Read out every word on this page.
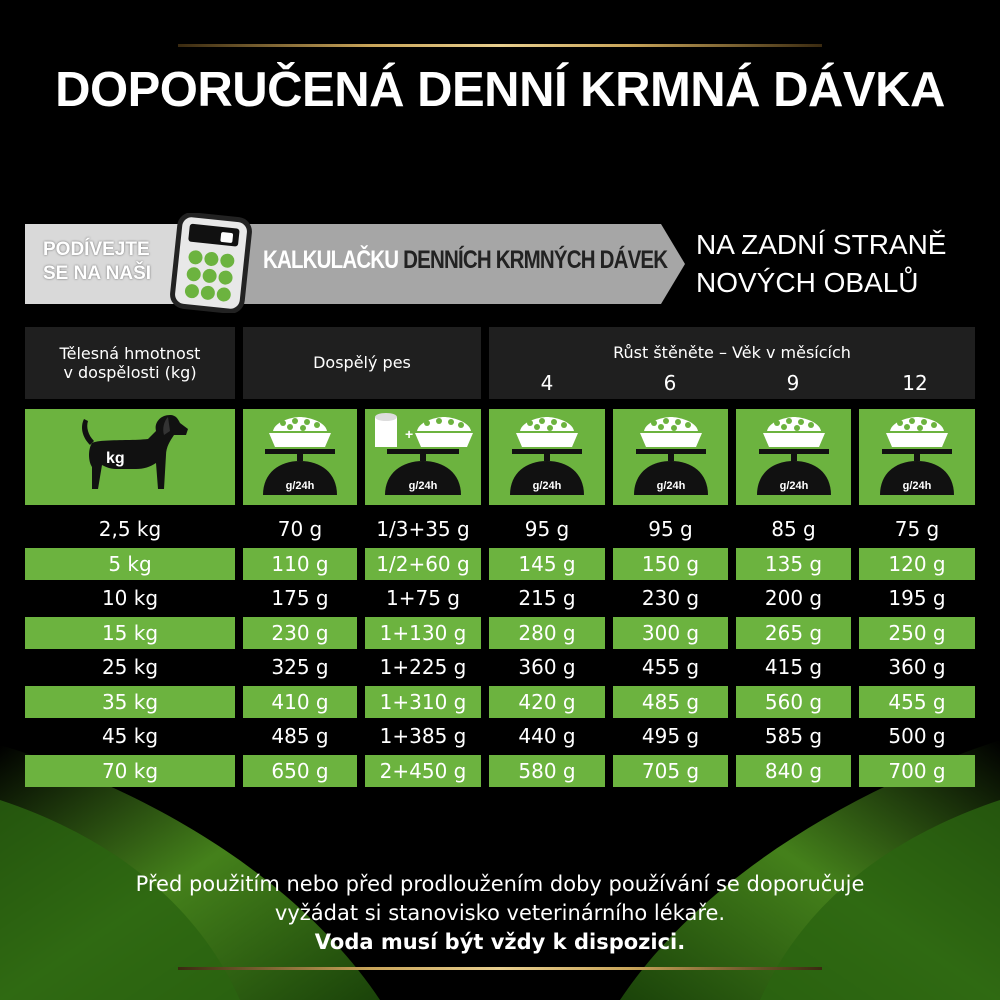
DOPORUČENÁ DENNÍ KRMNÁ DÁVKA
PODÍVEJTE
SE NA NAŠI	KALKULAČKU DENNÍCH KRMNÝCH DÁVEK NA ZADNÍ STRANĚ
NOVÝCH OBALŮ
Tělesná hmotnost
v dospělosti (kg)
Dospělý pes
Růst štěněte – Věk v měsících
4	6	9	12
kg
g/24h
+
g/24h	g/24h	g/24h	g/24h	g/24h
2,5 kg	70 g	1/3+35 g	95 g	95 g	85 g	75 g
5 kg	110 g	1/2+60 g	145 g	150 g	135 g	120 g
10 kg	175 g	1+75 g	215 g	230 g	200 g	195 g
15 kg	230 g	1+130 g	280 g	300 g	265 g	250 g
25 kg	325 g	1+225 g	360 g	455 g	415 g	360 g
35 kg	410 g	1+310 g	420 g	485 g	560 g	455 g
45 kg	485 g	1+385 g	440 g	495 g	585 g	500 g
70 kg	650 g	2+450 g	580 g	705 g	840 g	700 g
Před použitím nebo před prodloužením doby používání se doporučuje
vyžádat si stanovisko veterinárního lékaře.
Voda musí být vždy k dispozici.
